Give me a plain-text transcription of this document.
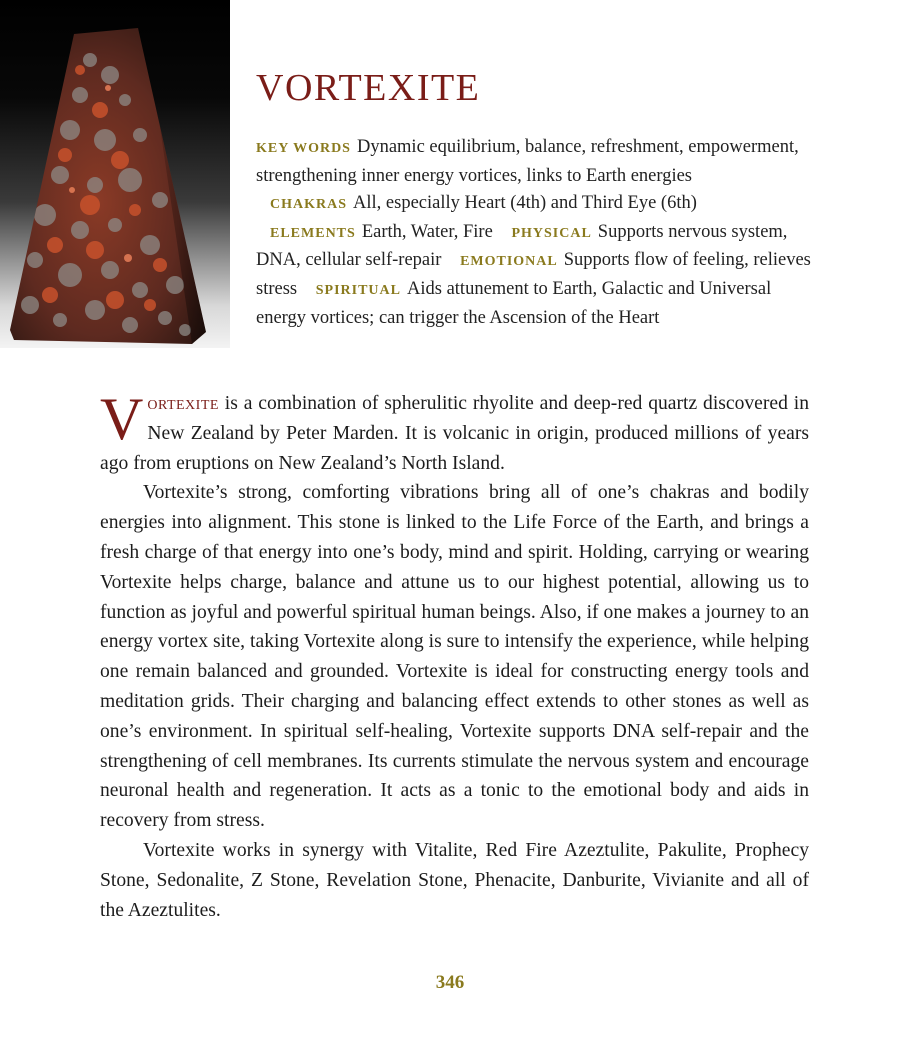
VORTEXITE
KEY WORDS Dynamic equilibrium, balance, refreshment, empowerment, strengthening inner energy vortices, links to Earth energies CHAKRAS All, especially Heart (4th) and Third Eye (6th) ELEMENTS Earth, Water, Fire PHYSICAL Supports nervous system, DNA, cellular self-repair EMOTIONAL Supports flow of feeling, relieves stress SPIRITUAL Aids attunement to Earth, Galactic and Universal energy vortices; can trigger the Ascension of the Heart

Vortexite is a combination of spherulitic rhyolite and deep-red quartz discovered in New Zealand by Peter Marden. It is volcanic in origin, produced millions of years ago from eruptions on New Zealand’s North Island.

Vortexite’s strong, comforting vibrations bring all of one’s chakras and bodily energies into alignment. This stone is linked to the Life Force of the Earth, and brings a fresh charge of that energy into one’s body, mind and spirit. Holding, carrying or wearing Vortexite helps charge, balance and attune us to our highest potential, allowing us to function as joyful and powerful spiritual human beings. Also, if one makes a journey to an energy vortex site, taking Vortexite along is sure to intensify the experience, while helping one remain balanced and grounded. Vortexite is ideal for constructing energy tools and meditation grids. Their charging and balancing effect extends to other stones as well as one’s environment. In spiritual self-healing, Vortexite supports DNA self-repair and the strengthening of cell membranes. Its currents stimulate the nervous system and encourage neuronal health and regeneration. It acts as a tonic to the emotional body and aids in recovery from stress.

Vortexite works in synergy with Vitalite, Red Fire Azeztulite, Pakulite, Prophecy Stone, Sedonalite, Z Stone, Revelation Stone, Phenacite, Danburite, Vivianite and all of the Azeztulites.

346
